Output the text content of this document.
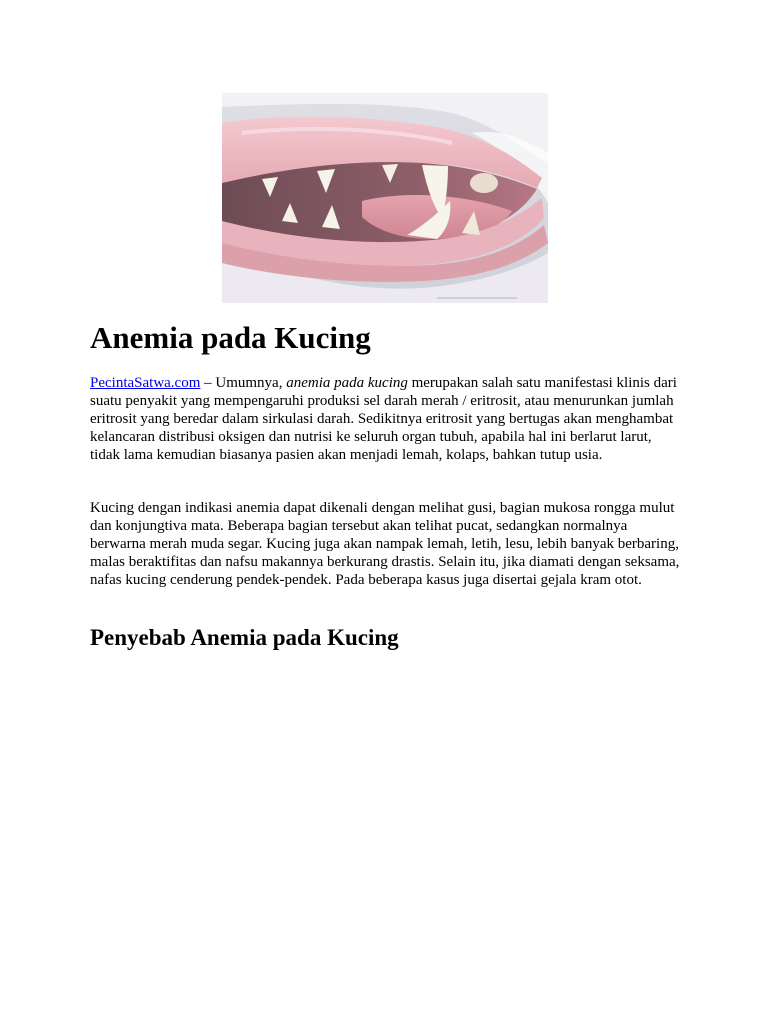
Anemia pada Kucing

PecintaSatwa.com – Umumnya, anemia pada kucing merupakan salah satu manifestasi klinis dari suatu penyakit yang mempengaruhi produksi sel darah merah / eritrosit, atau menurunkan jumlah eritrosit yang beredar dalam sirkulasi darah. Sedikitnya eritrosit yang bertugas akan menghambat kelancaran distribusi oksigen dan nutrisi ke seluruh organ tubuh, apabila hal ini berlarut larut, tidak lama kemudian biasanya pasien akan menjadi lemah, kolaps, bahkan tutup usia.

Kucing dengan indikasi anemia dapat dikenali dengan melihat gusi, bagian mukosa rongga mulut dan konjungtiva mata. Beberapa bagian tersebut akan telihat pucat, sedangkan normalnya berwarna merah muda segar. Kucing juga akan nampak lemah, letih, lesu, lebih banyak berbaring, malas beraktifitas dan nafsu makannya berkurang drastis. Selain itu, jika diamati dengan seksama, nafas kucing cenderung pendek-pendek. Pada beberapa kasus juga disertai gejala kram otot.

Penyebab Anemia pada Kucing
